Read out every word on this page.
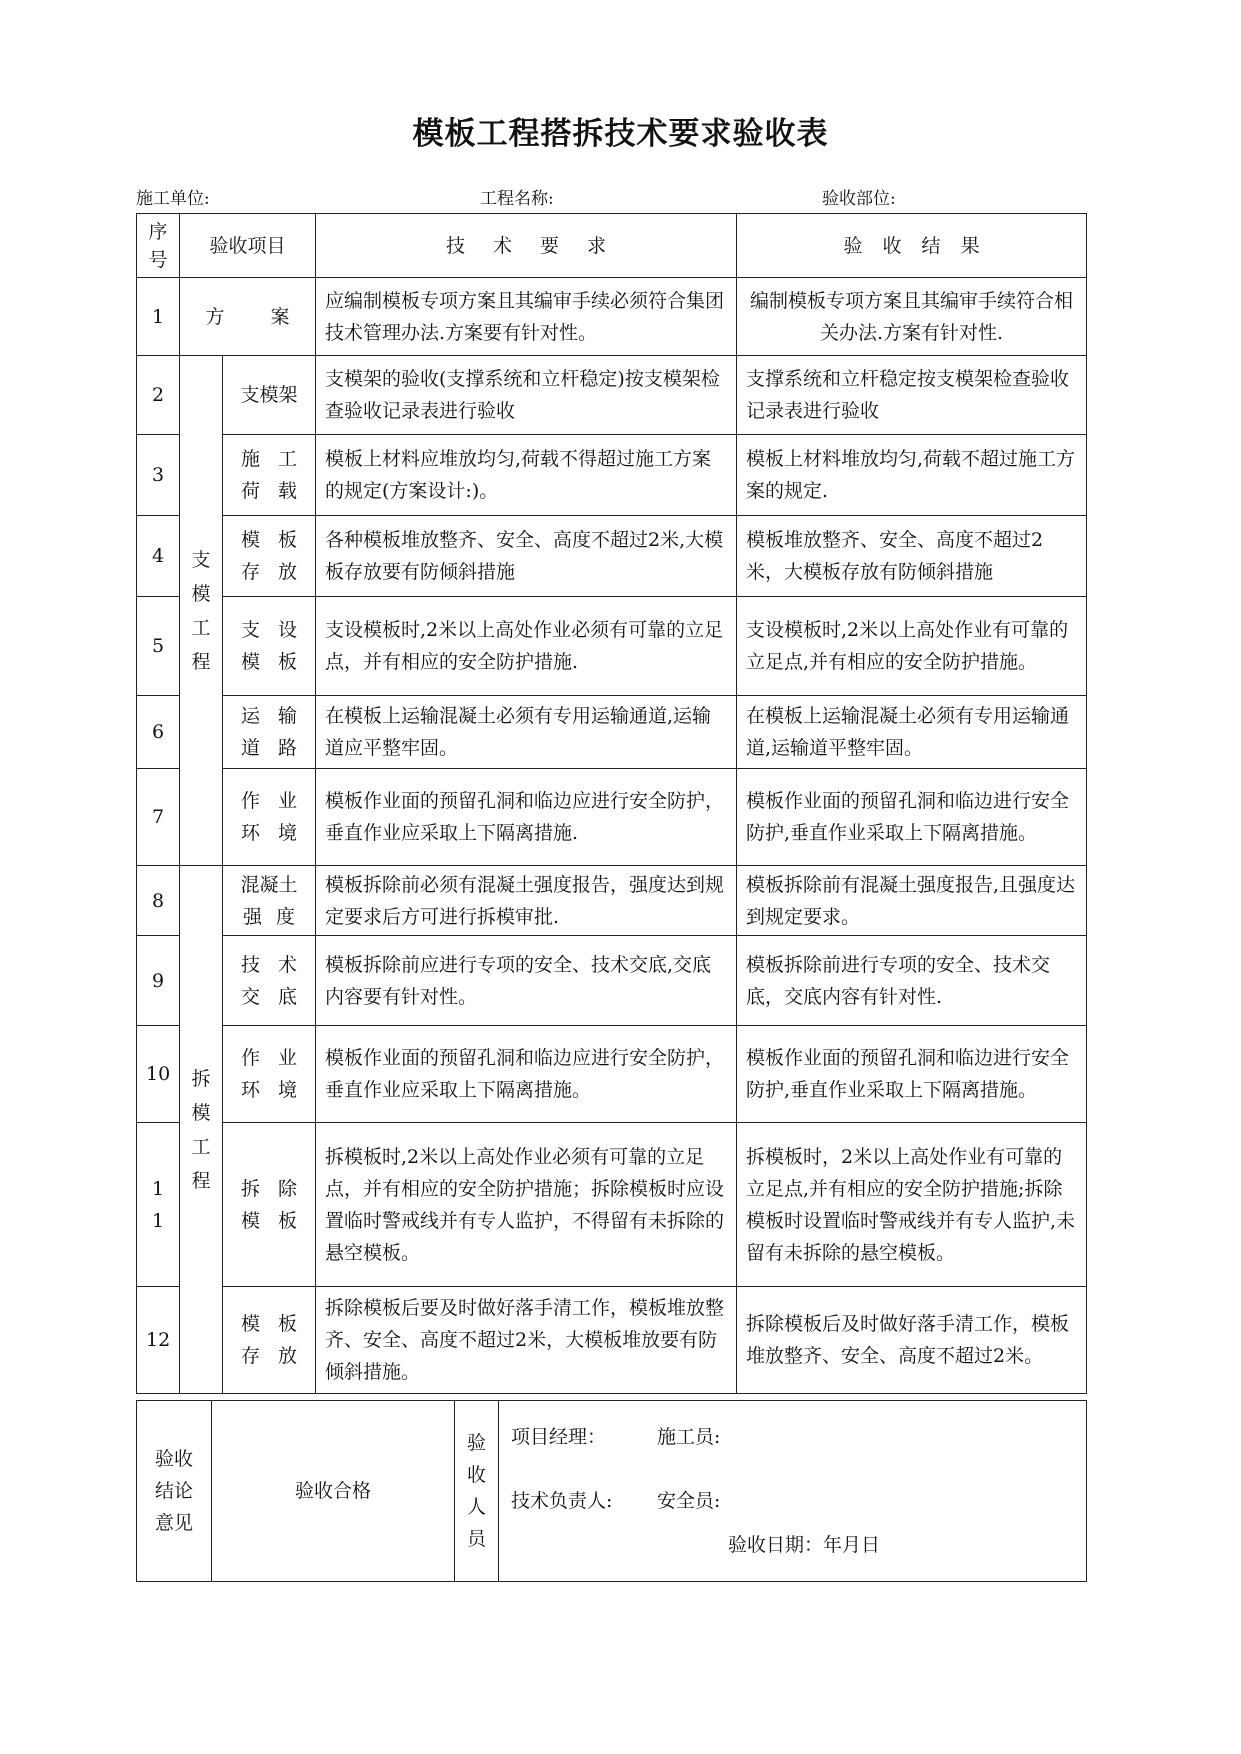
模板工程搭拆技术要求验收表
施工单位:	工程名称:	验收部位:
序号	验收项目		技 术 要 求	验 收 结 果
1	方 案		应编制模板专项方案且其编审手续必须符合集团技术管理办法.方案要有针对性。	编制模板专项方案且其编审手续符合相关办法.方案有针对性.
2	支模工程	支模架	支模架的验收(支撑系统和立杆稳定)按支模架检查验收记录表进行验收	支撑系统和立杆稳定按支模架检查验收记录表进行验收
3		施 工 荷 载	模板上材料应堆放均匀,荷载不得超过施工方案的规定(方案设计:)。	模板上材料堆放均匀,荷载不超过施工方案的规定.
4		模 板 存 放	各种模板堆放整齐、安全、高度不超过2米,大模板存放要有防倾斜措施	模板堆放整齐、安全、高度不超过2米，大模板存放有防倾斜措施
5		支 设 模 板	支设模板时,2米以上高处作业必须有可靠的立足点，并有相应的安全防护措施.	支设模板时,2米以上高处作业有可靠的立足点,并有相应的安全防护措施。
6		运 输 道 路	在模板上运输混凝土必须有专用运输通道,运输道应平整牢固。	在模板上运输混凝土必须有专用运输通道,运输道平整牢固。
7		作 业 环 境	模板作业面的预留孔洞和临边应进行安全防护，垂直作业应采取上下隔离措施.	模板作业面的预留孔洞和临边进行安全防护,垂直作业采取上下隔离措施。
8	拆模工程	混凝土 强 度	模板拆除前必须有混凝土强度报告，强度达到规定要求后方可进行拆模审批.	模板拆除前有混凝土强度报告,且强度达到规定要求。
9		技 术 交 底	模板拆除前应进行专项的安全、技术交底,交底内容要有针对性。	模板拆除前进行专项的安全、技术交底，交底内容有针对性.
10		作 业 环 境	模板作业面的预留孔洞和临边应进行安全防护，垂直作业应采取上下隔离措施。	模板作业面的预留孔洞和临边进行安全防护,垂直作业采取上下隔离措施。

11		拆 除 模 板	拆模板时,2米以上高处作业必须有可靠的立足点，并有相应的安全防护措施；拆除模板时应设置临时警戒线并有专人监护，不得留有未拆除的悬空模板。	拆模板时，2米以上高处作业有可靠的立足点,并有相应的安全防护措施;拆除模板时设置临时警戒线并有专人监护,未留有未拆除的悬空模板。
12		模 板 存 放	拆除模板后要及时做好落手清工作，模板堆放整齐、安全、高度不超过2米，大模板堆放要有防倾斜措施。	拆除模板后及时做好落手清工作，模板堆放整齐、安全、高度不超过2米。
验收结论意见
	验收合格	
验收人员

项目经理：	施工员:
技术负责人: 安全员:
验收日期：年月日
